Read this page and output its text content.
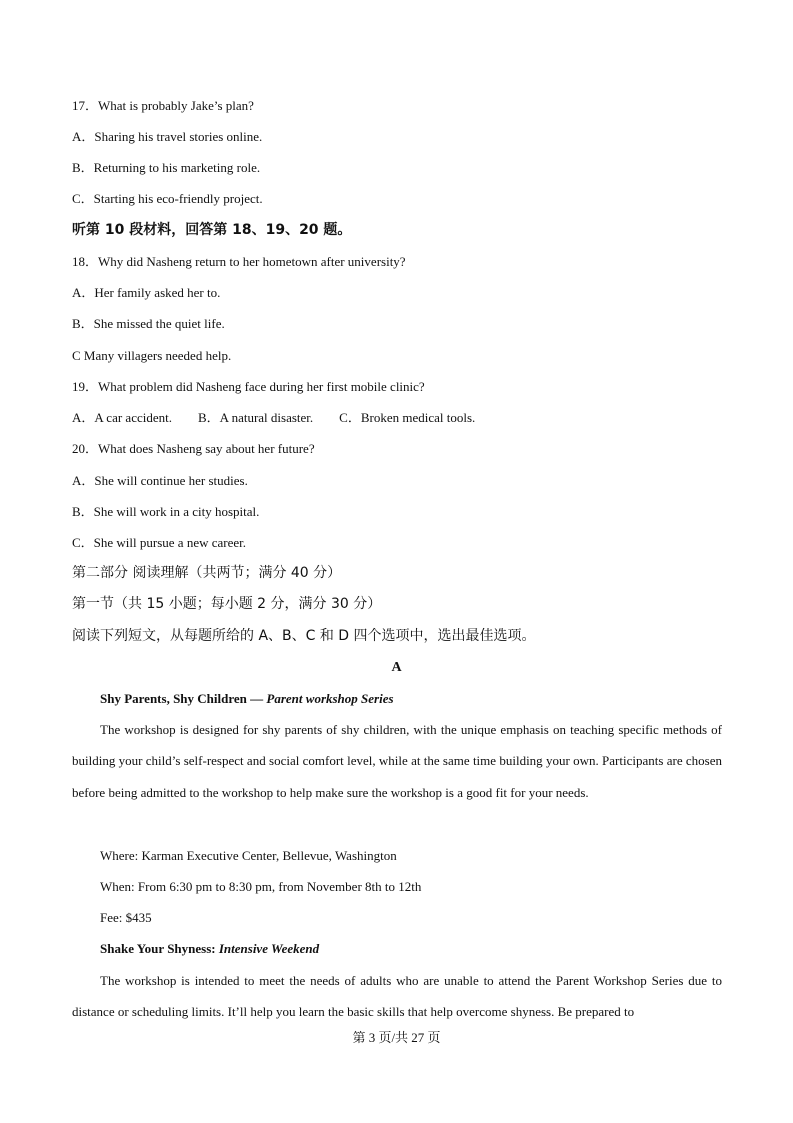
17．What is probably Jake’s plan?
A．Sharing his travel stories online.
B．Returning to his marketing role.
C．Starting his eco-friendly project.
听第 10 段材料，回答第 18、19、20 题。
18．Why did Nasheng return to her hometown after university?
A．Her family asked her to.
B．She missed the quiet life.
C Many villagers needed help.
19．What problem did Nasheng face during her first mobile clinic?
A．A car accident. B．A natural disaster. C．Broken medical tools.
20．What does Nasheng say about her future?
A．She will continue her studies.
B．She will work in a city hospital.
C．She will pursue a new career.
第二部分 阅读理解（共两节；满分 40 分）
第一节（共 15 小题；每小题 2 分，满分 30 分）
阅读下列短文，从每题所给的 A、B、C 和 D 四个选项中，选出最佳选项。
A
Shy Parents, Shy Children — Parent workshop Series
The workshop is designed for shy parents of shy children, with the unique emphasis on teaching specific methods of building your child’s self-respect and social comfort level, while at the same time building your own. Participants are chosen before being admitted to the workshop to help make sure the workshop is a good fit for your needs.
Where: Karman Executive Center, Bellevue, Washington
When: From 6:30 pm to 8:30 pm, from November 8th to 12th
Fee: $435
Shake Your Shyness: Intensive Weekend
The workshop is intended to meet the needs of adults who are unable to attend the Parent Workshop Series due to distance or scheduling limits. It’ll help you learn the basic skills that help overcome shyness. Be prepared to
第 3 页/共 27 页
